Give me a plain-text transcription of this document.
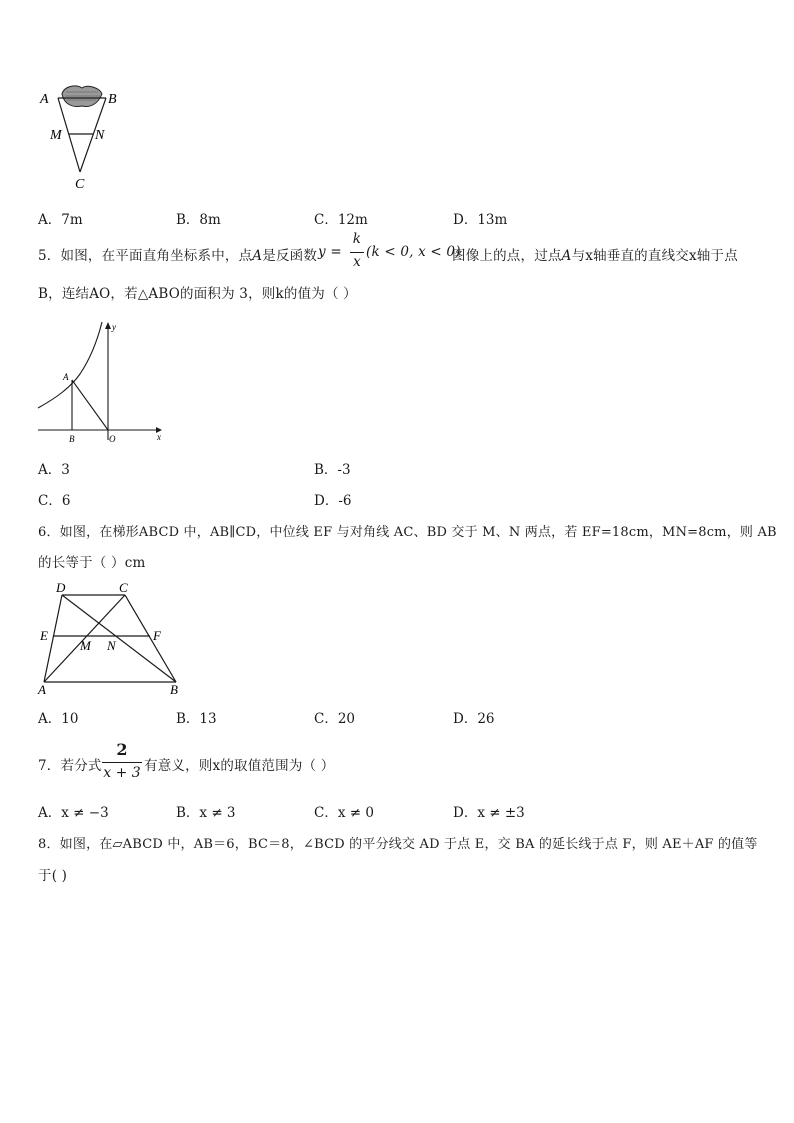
A	B
M N
C
A．7m	B．8m	C．12m	D．13m
5．如图，在平面直角坐标系中，点A是反函数 y =
k
x
(k < 0, x < 0)
图像上的点，过点A与x轴垂直的直线交x轴于点
B，连结AO，若△ABO的面积为 3，则k的值为（ ）
y
A
B	O	x
A．3	B．-3
C．6	D．-6
6．如图，在梯形ABCD 中，AB∥CD，中位线 EF 与对角线 AC、BD 交于 M、N 两点，若 EF=18cm，MN=8cm，则 AB
的长等于（ ）cm
D	C
E	F
M N
A	B
A．10	B．13	C．20	D．26
7．若分式
2
x + 3 有意义，则x的取值范围为（ ）
A．x ≠ −3	B．x ≠ 3	C．x ≠ 0	D．x ≠ ±3
8．如图，在▱ABCD 中，AB＝6，BC＝8，∠BCD 的平分线交 AD 于点 E，交 BA 的延长线于点 F，则 AE＋AF 的值等
于( )
